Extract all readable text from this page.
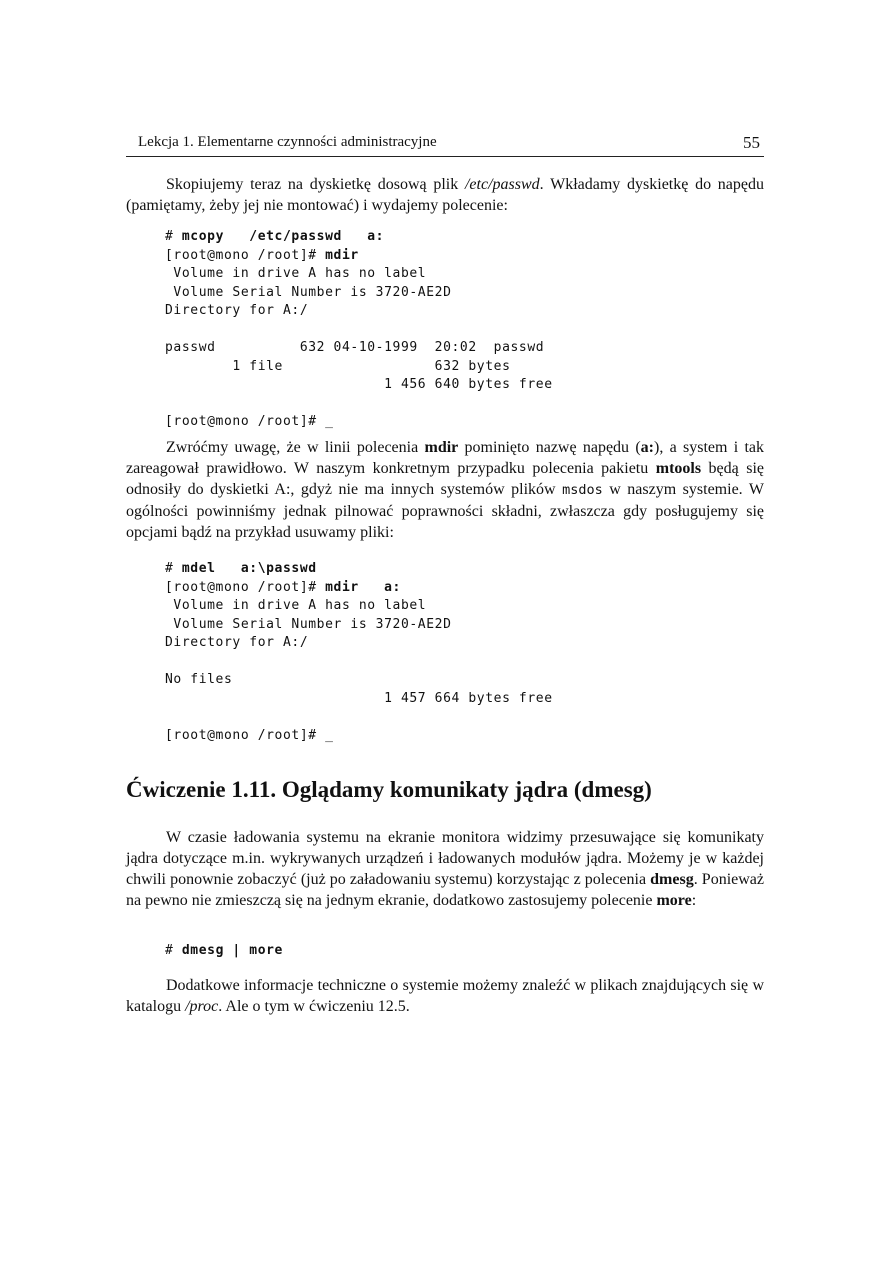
Lekcja 1. Elementarne czynności administracyjne	55

Skopiujemy teraz na dyskietkę dosową plik /etc/passwd. Wkładamy dyskietkę do napędu (pamiętamy, żeby jej nie montować) i wydajemy polecenie:

# mcopy   /etc/passwd   a:
[root@mono /root]# mdir
Volume in drive A has no label
Volume Serial Number is 3720-AE2D
Directory for A:/

passwd          632 04-10-1999  20:02  passwd
1 file                  632 bytes
1 456 640 bytes free

[root@mono /root]# _

Zwróćmy uwagę, że w linii polecenia mdir pominięto nazwę napędu (a:), a system i tak zareagował prawidłowo. W naszym konkretnym przypadku polecenia pakietu mtools będą się odnosiły do dyskietki A:, gdyż nie ma innych systemów plików msdos w naszym systemie. W ogólności powinniśmy jednak pilnować poprawności składni, zwłaszcza gdy posługujemy się opcjami bądź na przykład usuwamy pliki:

# mdel   a:\passwd
[root@mono /root]# mdir   a:
Volume in drive A has no label
Volume Serial Number is 3720-AE2D
Directory for A:/

No files
1 457 664 bytes free

[root@mono /root]# _
Ćwiczenie 1.11. Oglądamy komunikaty jądra (dmesg)

W czasie ładowania systemu na ekranie monitora widzimy przesuwające się komunikaty jądra dotyczące m.in. wykrywanych urządzeń i ładowanych modułów jądra. Możemy je w każdej chwili ponownie zobaczyć (już po załadowaniu systemu) korzystając z polecenia dmesg. Ponieważ na pewno nie zmieszczą się na jednym ekranie, dodatkowo zastosujemy polecenie more:

# dmesg | more

Dodatkowe informacje techniczne o systemie możemy znaleźć w plikach znajdujących się w katalogu /proc. Ale o tym w ćwiczeniu 12.5.
